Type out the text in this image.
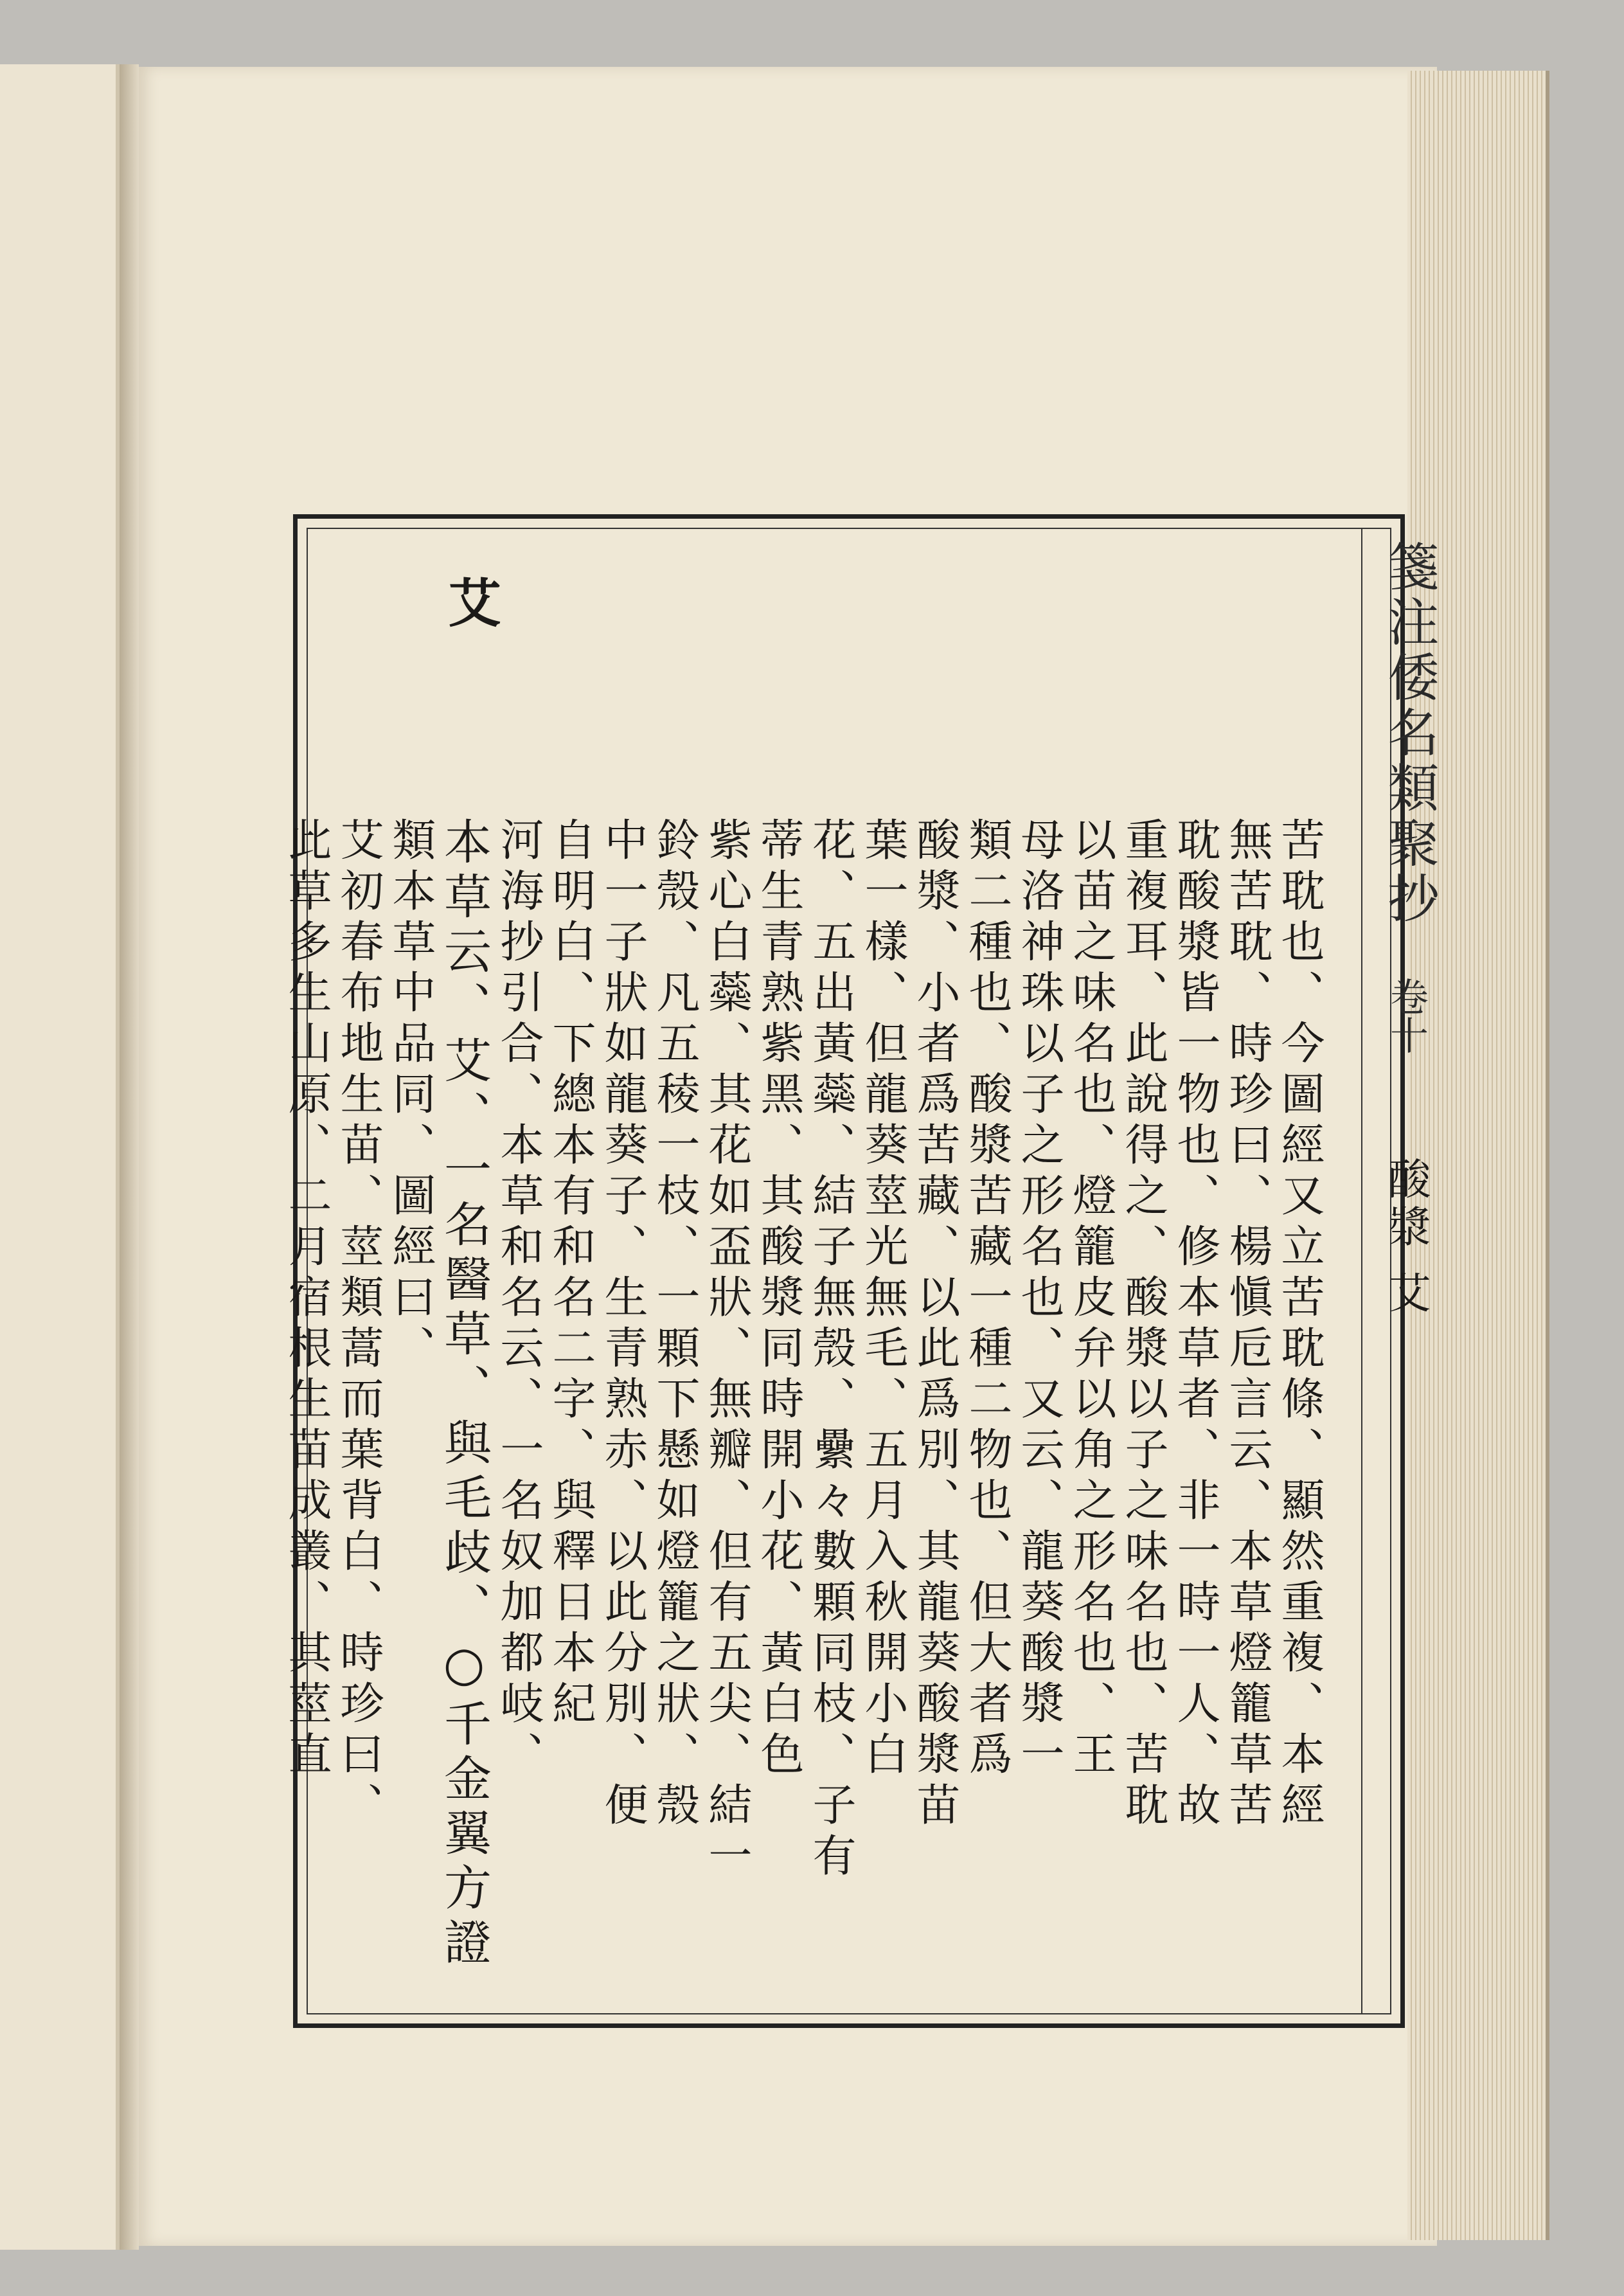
艾
苦耽也、今圖經又立苦耽條、顯然重複、本經
無苦耽、時珍曰、楊愼卮言云、本草燈籠草苦
耽酸漿皆一物也、修本草者、非一時一人、故
重複耳、此說得之、酸漿以子之味名也、苦耽
以苗之味名也、燈籠皮弁以角之形名也、王
母洛神珠以子之形名也、又云、龍葵酸漿一
類二種也、酸漿苦藏一種二物也、但大者爲
酸漿、小者爲苦藏、以此爲別、其龍葵酸漿苗
葉一樣、但龍葵莖光無毛、五月入秋開小白
花、五出黃蘂、結子無殼、纍々數顆同枝、子有
蒂生青熟紫黑、其酸漿同時開小花、黃白色
紫心白蘂、其花如盃狀、無瓣、但有五尖、結一
鈴殼、凡五稜一枝、一顆下懸如燈籠之狀、殼
中一子狀如龍葵子、生青熟赤、以此分別、便
自明白、下總本有和名二字、與釋日本紀
河海抄引合、本草和名云、一名奴加都岐、
本草云、艾、一名醫草、與毛歧、○千金翼方證
類本草中品同、圖經曰、
艾初春布地生苗、莖類蒿而葉背白、時珍曰、
此草多生山原、二月宿根生苗成叢、其莖直
箋注倭名類聚抄
卷十
酸漿 艾
